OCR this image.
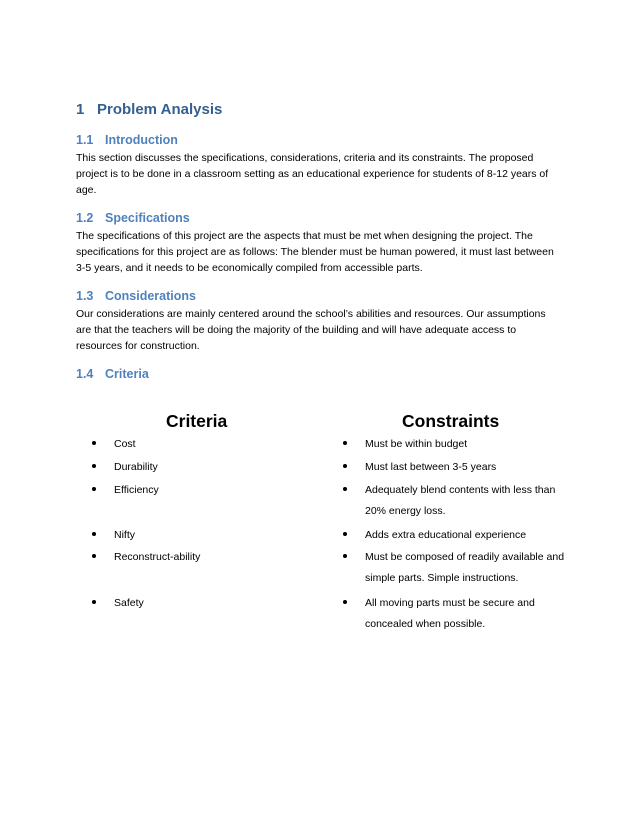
1 Problem Analysis
1.1 Introduction
This section discusses the specifications, considerations, criteria and its constraints. The proposed
project is to be done in a classroom setting as an educational experience for students of 8-12 years of
age.
1.2 Specifications
The specifications of this project are the aspects that must be met when designing the project. The
specifications for this project are as follows: The blender must be human powered, it must last between
3-5 years, and it needs to be economically compiled from accessible parts.
1.3 Considerations
Our considerations are mainly centered around the school’s abilities and resources. Our assumptions
are that the teachers will be doing the majority of the building and will have adequate access to
resources for construction.
1.4 Criteria
Criteria	Constraints
Cost
Durability
Efficiency
Nifty
Reconstruct-ability
Safety
Must be within budget
Must last between 3-5 years
Adequately blend contents with less than
20% energy loss.
Adds extra educational experience
Must be composed of readily available and
simple parts. Simple instructions.
All moving parts must be secure and
concealed when possible.
